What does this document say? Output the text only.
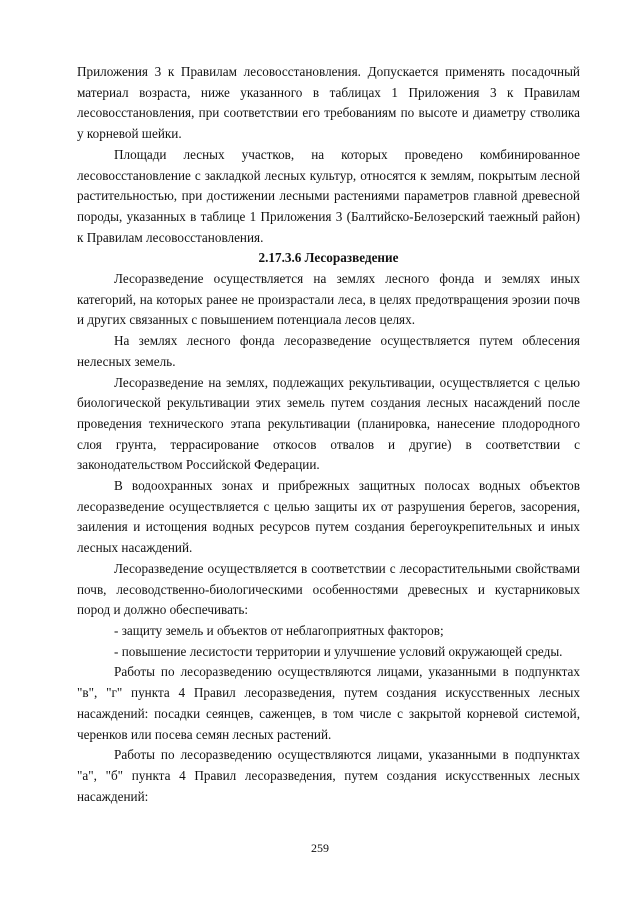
Приложения 3 к Правилам лесовосстановления. Допускается применять посадочный материал возраста, ниже указанного в таблицах 1 Приложения 3 к Правилам лесовосстановления, при соответствии его требованиям по высоте и диаметру стволика у корневой шейки.

Площади лесных участков, на которых проведено комбинированное лесовосстановление с закладкой лесных культур, относятся к землям, покрытым лесной растительностью, при достижении лесными растениями параметров главной древесной породы, указанных в таблице 1 Приложения 3 (Балтийско-Белозерский таежный район) к Правилам лесовосстановления.

2.17.3.6 Лесоразведение

Лесоразведение осуществляется на землях лесного фонда и землях иных категорий, на которых ранее не произрастали леса, в целях предотвращения эрозии почв и других связанных с повышением потенциала лесов целях.

На землях лесного фонда лесоразведение осуществляется путем облесения нелесных земель.

Лесоразведение на землях, подлежащих рекультивации, осуществляется с целью биологической рекультивации этих земель путем создания лесных насаждений после проведения технического этапа рекультивации (планировка, нанесение плодородного слоя грунта, террасирование откосов отвалов и другие) в соответствии с законодательством Российской Федерации.

В водоохранных зонах и прибрежных защитных полосах водных объектов лесоразведение осуществляется с целью защиты их от разрушения берегов, засорения, заиления и истощения водных ресурсов путем создания берегоукрепительных и иных лесных насаждений.

Лесоразведение осуществляется в соответствии с лесорастительными свойствами почв, лесоводственно-биологическими особенностями древесных и кустарниковых пород и должно обеспечивать:

- защиту земель и объектов от неблагоприятных факторов;

- повышение лесистости территории и улучшение условий окружающей среды.

Работы по лесоразведению осуществляются лицами, указанными в подпунктах "в", "г" пункта 4 Правил лесоразведения, путем создания искусственных лесных насаждений: посадки сеянцев, саженцев, в том числе с закрытой корневой системой, черенков или посева семян лесных растений.

Работы по лесоразведению осуществляются лицами, указанными в подпунктах "а", "б" пункта 4 Правил лесоразведения, путем создания искусственных лесных насаждений:

259
